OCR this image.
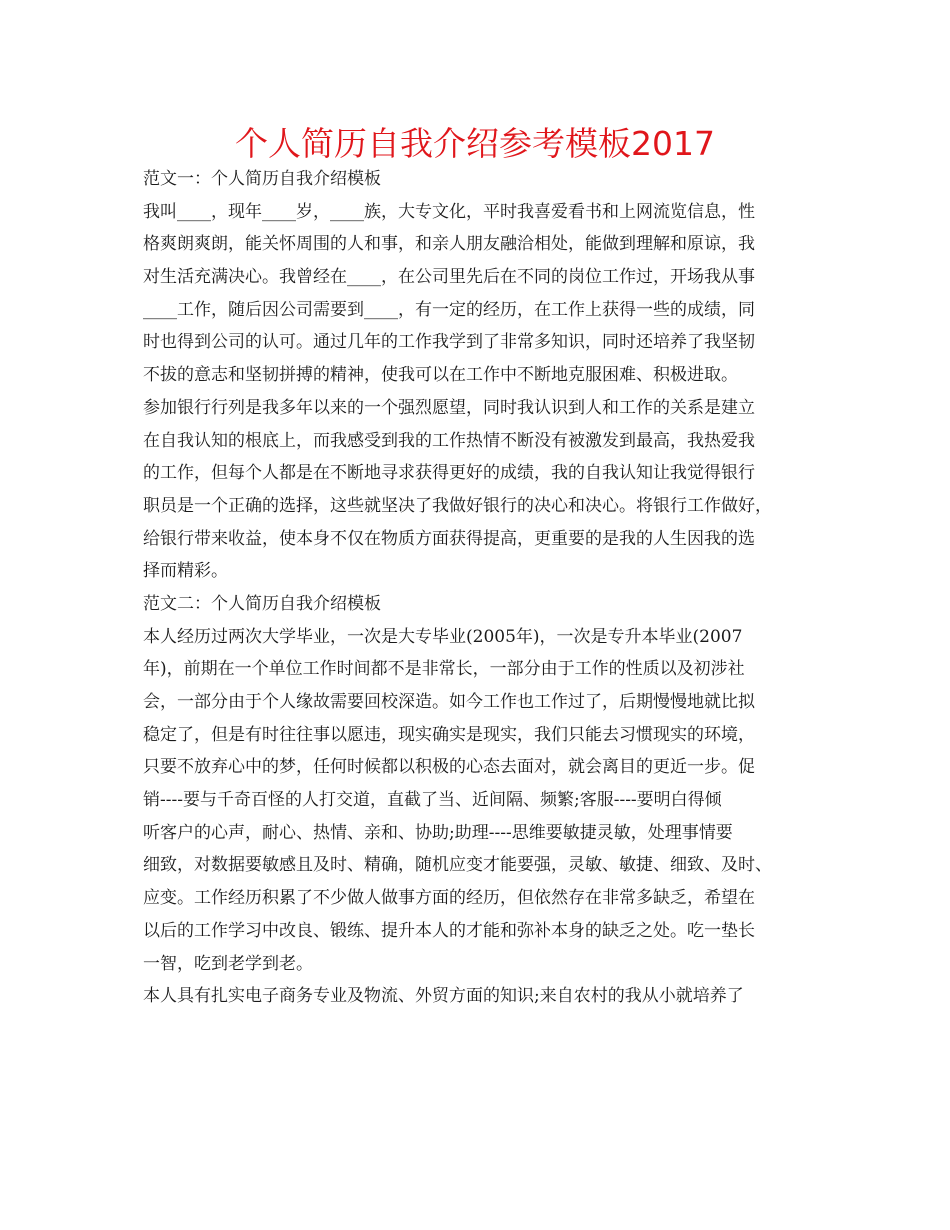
个人简历自我介绍参考模板2017
范文一：个人简历自我介绍模板
我叫____，现年____岁，____族，大专文化，平时我喜爱看书和上网流览信息，性
格爽朗爽朗，能关怀周围的人和事，和亲人朋友融洽相处，能做到理解和原谅，我
对生活充满决心。我曾经在____，在公司里先后在不同的岗位工作过，开场我从事
____工作，随后因公司需要到____，有一定的经历，在工作上获得一些的成绩，同
时也得到公司的认可。通过几年的工作我学到了非常多知识，同时还培养了我坚韧
不拔的意志和坚韧拼搏的精神，使我可以在工作中不断地克服困难、积极进取。
参加银行行列是我多年以来的一个强烈愿望，同时我认识到人和工作的关系是建立
在自我认知的根底上，而我感受到我的工作热情不断没有被激发到最高，我热爱我
的工作，但每个人都是在不断地寻求获得更好的成绩，我的自我认知让我觉得银行
职员是一个正确的选择，这些就坚决了我做好银行的决心和决心。将银行工作做好，
给银行带来收益，使本身不仅在物质方面获得提高，更重要的是我的人生因我的选
择而精彩。
范文二：个人简历自我介绍模板
本人经历过两次大学毕业，一次是大专毕业(2005年)，一次是专升本毕业(2007
年)，前期在一个单位工作时间都不是非常长，一部分由于工作的性质以及初涉社
会，一部分由于个人缘故需要回校深造。如今工作也工作过了，后期慢慢地就比拟
稳定了，但是有时往往事以愿违，现实确实是现实，我们只能去习惯现实的环境，
只要不放弃心中的梦，任何时候都以积极的心态去面对，就会离目的更近一步。促
销----要与千奇百怪的人打交道，直截了当、近间隔、频繁;客服----要明白得倾
听客户的心声，耐心、热情、亲和、协助;助理----思维要敏捷灵敏，处理事情要
细致，对数据要敏感且及时、精确，随机应变才能要强，灵敏、敏捷、细致、及时、
应变。工作经历积累了不少做人做事方面的经历，但依然存在非常多缺乏，希望在
以后的工作学习中改良、锻练、提升本人的才能和弥补本身的缺乏之处。吃一垫长
一智，吃到老学到老。
本人具有扎实电子商务专业及物流、外贸方面的知识;来自农村的我从小就培养了
